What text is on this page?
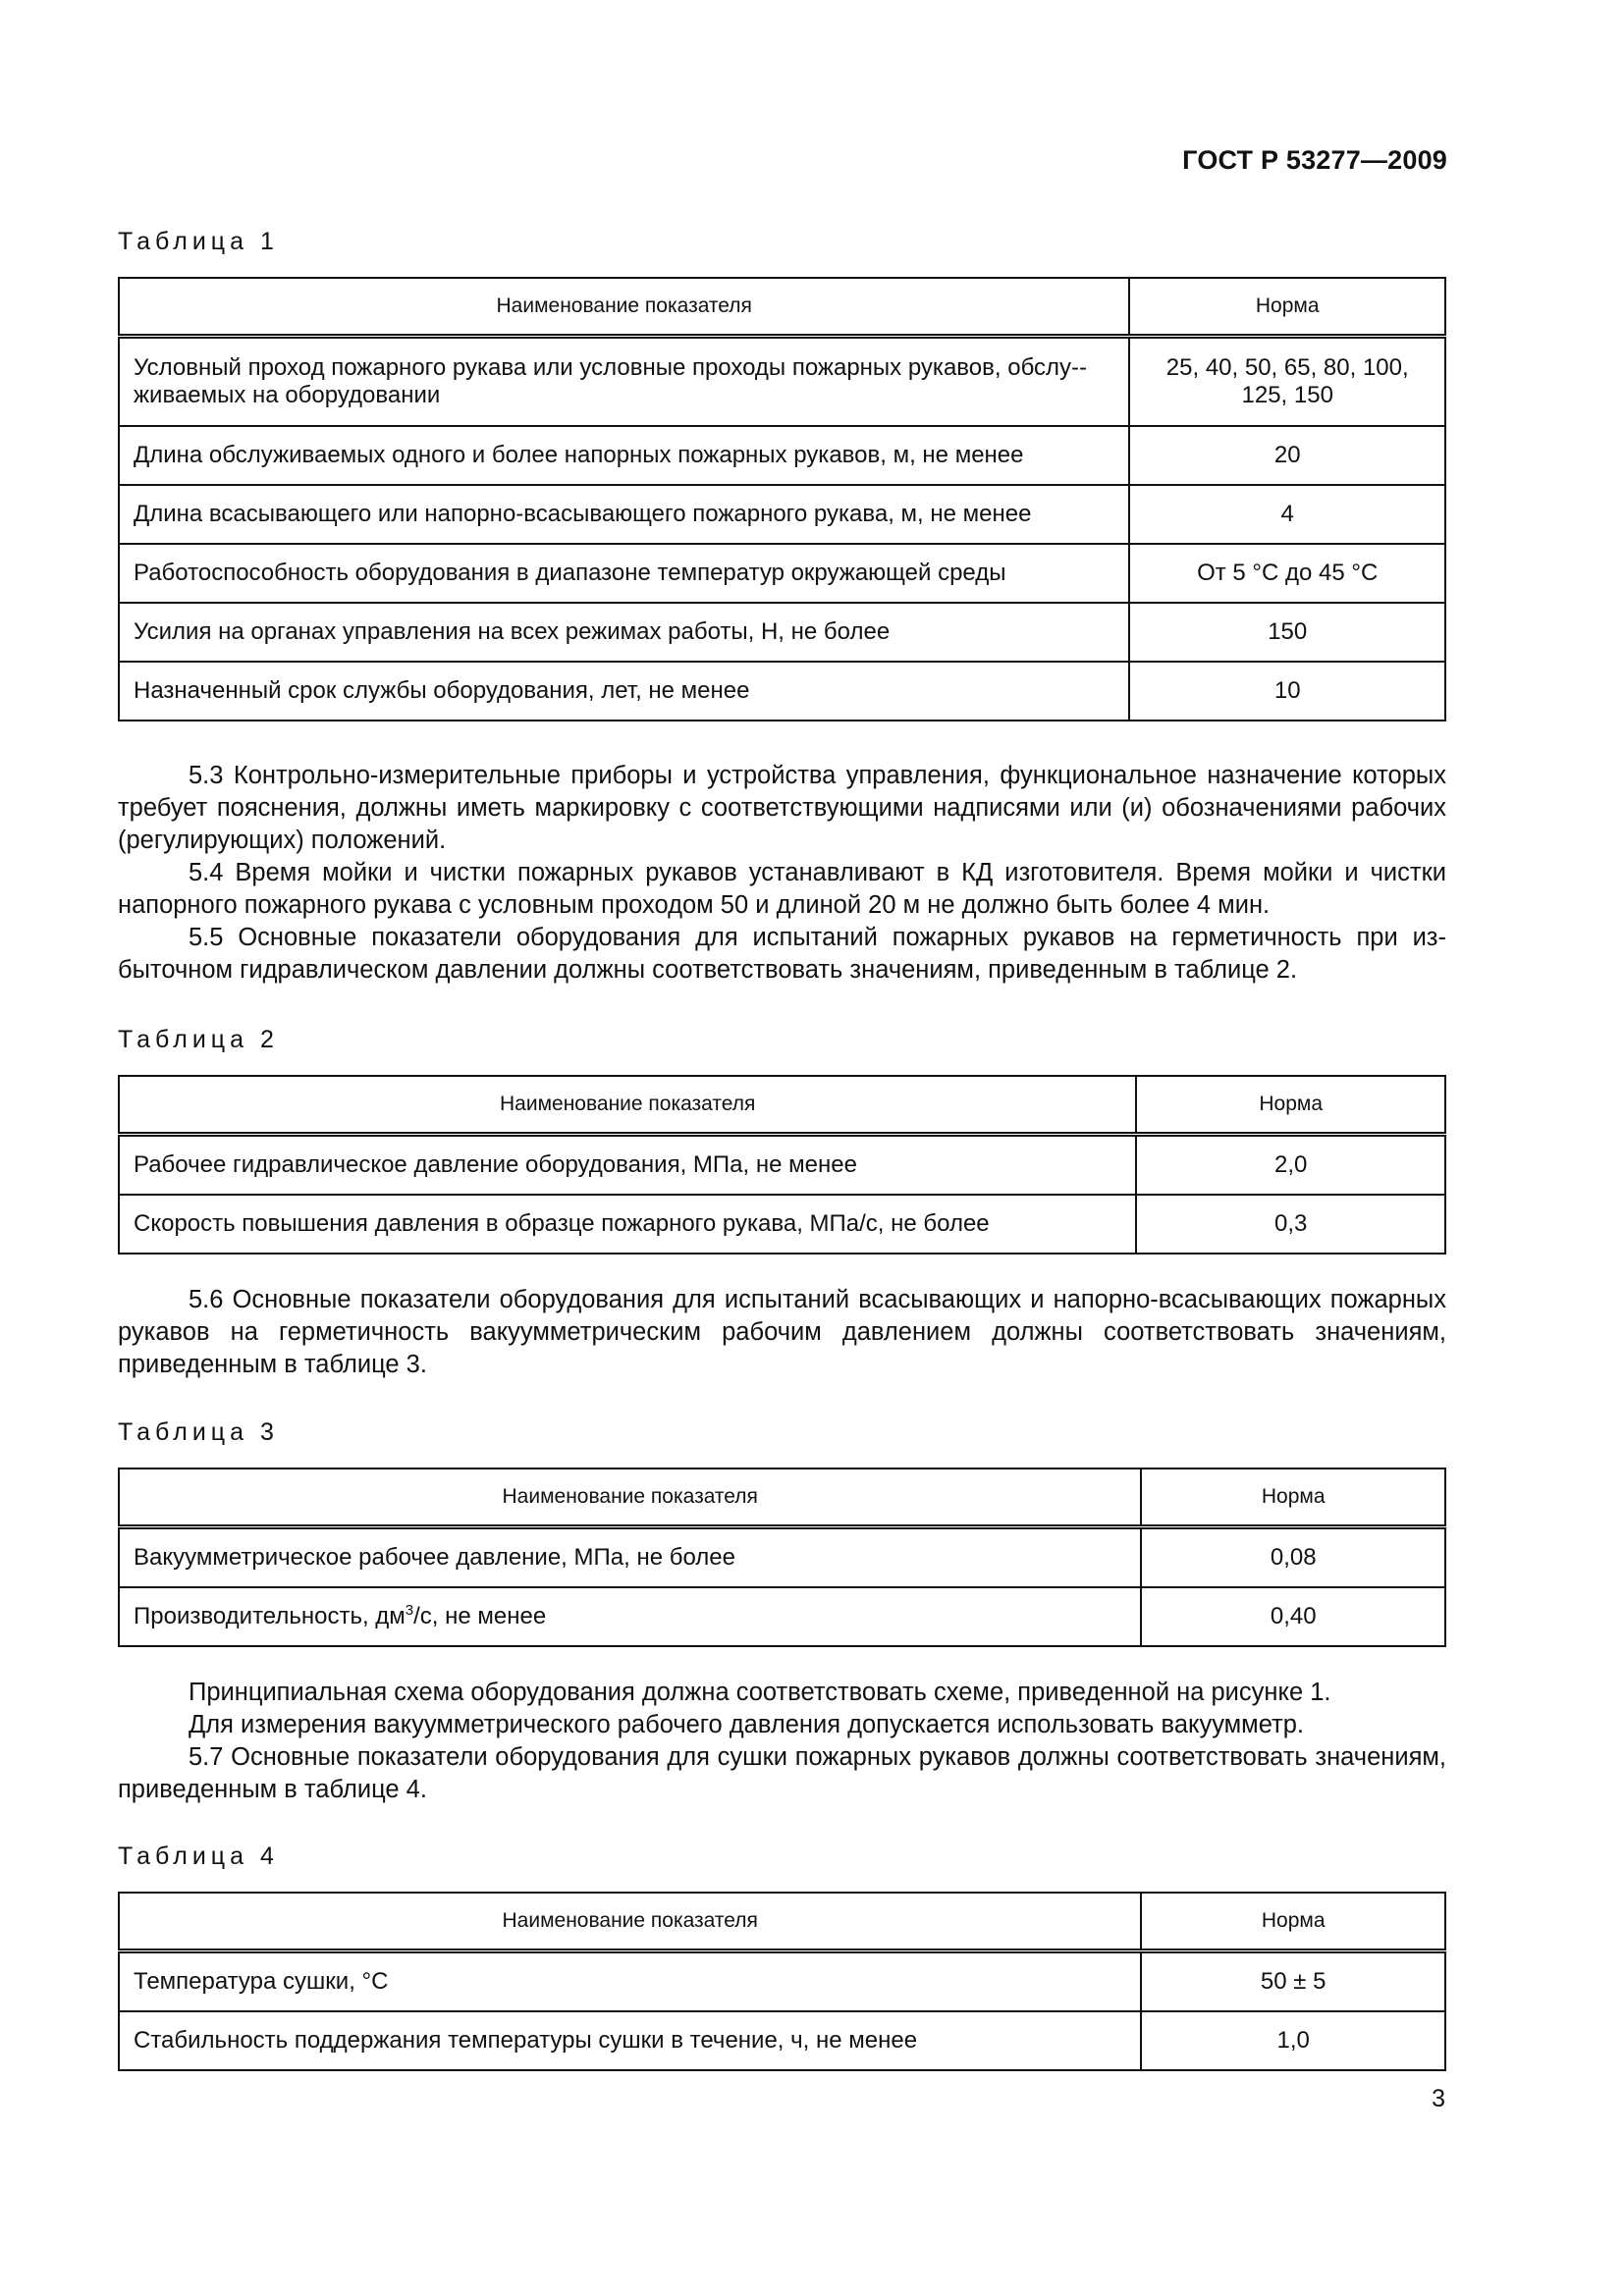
ГОСТ Р 53277—2009
Таблица 1
Наименование показателя	Норма
Условный проход пожарного рукава или условные проходы пожарных рукавов, обслу-живаемых на оборудовании	25, 40, 50, 65, 80, 100, 125, 150
Длина обслуживаемых одного и более напорных пожарных рукавов, м, не менее	20
Длина всасывающего или напорно-всасывающего пожарного рукава, м, не менее	4
Работоспособность оборудования в диапазоне температур окружающей среды	От 5 °С до 45 °С
Усилия на органах управления на всех режимах работы, Н, не более	150
Назначенный срок службы оборудования, лет, не менее	10

5.3 Контрольно-измерительные приборы и устройства управления, функциональное назначение которых требует пояснения, должны иметь маркировку с соответствующими надписями или (и) обозначениями рабочих (регулирующих) положений.

5.4 Время мойки и чистки пожарных рукавов устанавливают в КД изготовителя. Время мойки и чистки напорного пожарного рукава с условным проходом 50 и длиной 20 м не должно быть более 4 мин.

5.5 Основные показатели оборудования для испытаний пожарных рукавов на герметичность при избыточном гидравлическом давлении должны соответствовать значениям, приведенным в таблице 2.

Таблица 2
Наименование показателя	Норма
Рабочее гидравлическое давление оборудования, МПа, не менее	2,0
Скорость повышения давления в образце пожарного рукава, МПа/с, не более	0,3

5.6 Основные показатели оборудования для испытаний всасывающих и напорно-всасывающих пожарных рукавов на герметичность вакуумметрическим рабочим давлением должны соответствовать значениям, приведенным в таблице 3.

Таблица 3
Наименование показателя	Норма
Вакуумметрическое рабочее давление, МПа, не более	0,08
Производительность, $дм^3/с$, не менее	0,40

Принципиальная схема оборудования должна соответствовать схеме, приведенной на рисунке 1.

Для измерения вакуумметрического рабочего давления допускается использовать вакуумметр.

5.7 Основные показатели оборудования для сушки пожарных рукавов должны соответствовать значениям, приведенным в таблице 4.

Таблица 4
Наименование показателя	Норма
Температура сушки, °С	50 ± 5
Стабильность поддержания температуры сушки в течение, ч, не менее	1,0
3
